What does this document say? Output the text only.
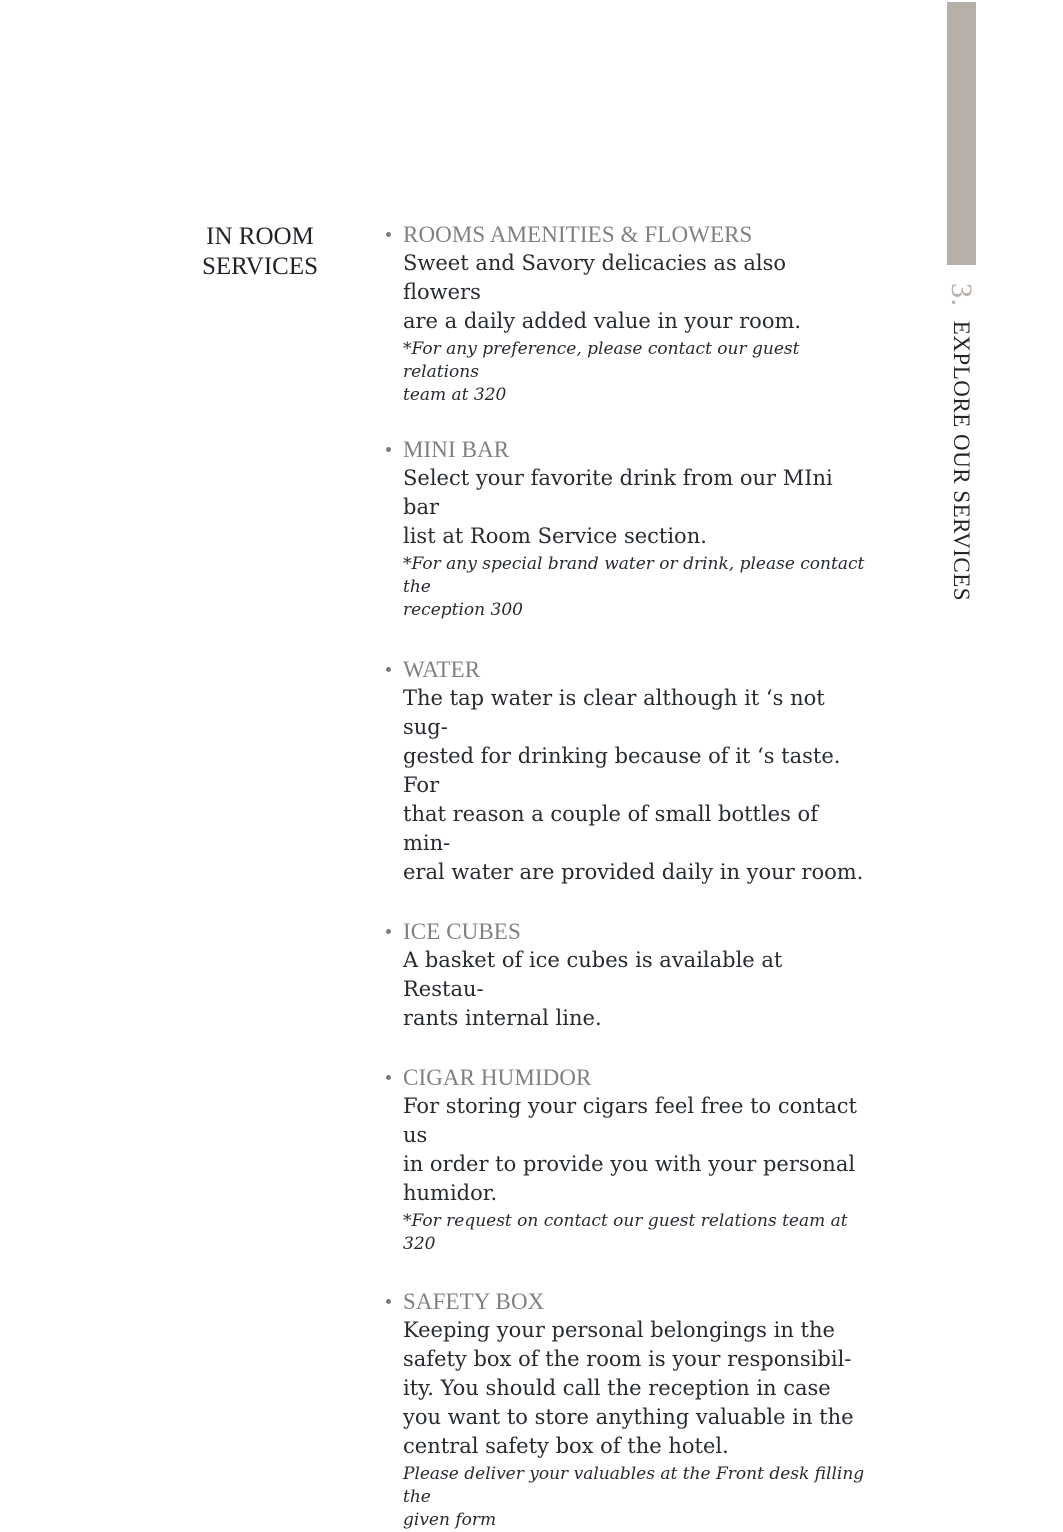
3. EXPLORE OUR SERVICES
IN ROOM
SERVICES
ROOMS AMENITIES & FLOWERS
Sweet and Savory delicacies as also flowers
are a daily added value in your room.
*For any preference, please contact our guest relations
team at 320
MINI BAR
Select your favorite drink from our MIni bar
list at Room Service section.
*For any special brand water or drink, please contact the
reception 300
WATER
The tap water is clear although it ‘s not sug-
gested for drinking because of it ‘s taste. For
that reason a couple of small bottles of min-
eral water are provided daily in your room.
ICE CUBES
A basket of ice cubes is available at Restau-
rants internal line.
CIGAR HUMIDOR
For storing your cigars feel free to contact us
in order to provide you with your personal
humidor.
*For request on contact our guest relations team at 320
SAFETY BOX
Keeping your personal belongings in the
safety box of the room is your responsibil-
ity. You should call the reception in case
you want to store anything valuable in the
central safety box of the hotel.
Please deliver your valuables at the Front desk filling the
given form
